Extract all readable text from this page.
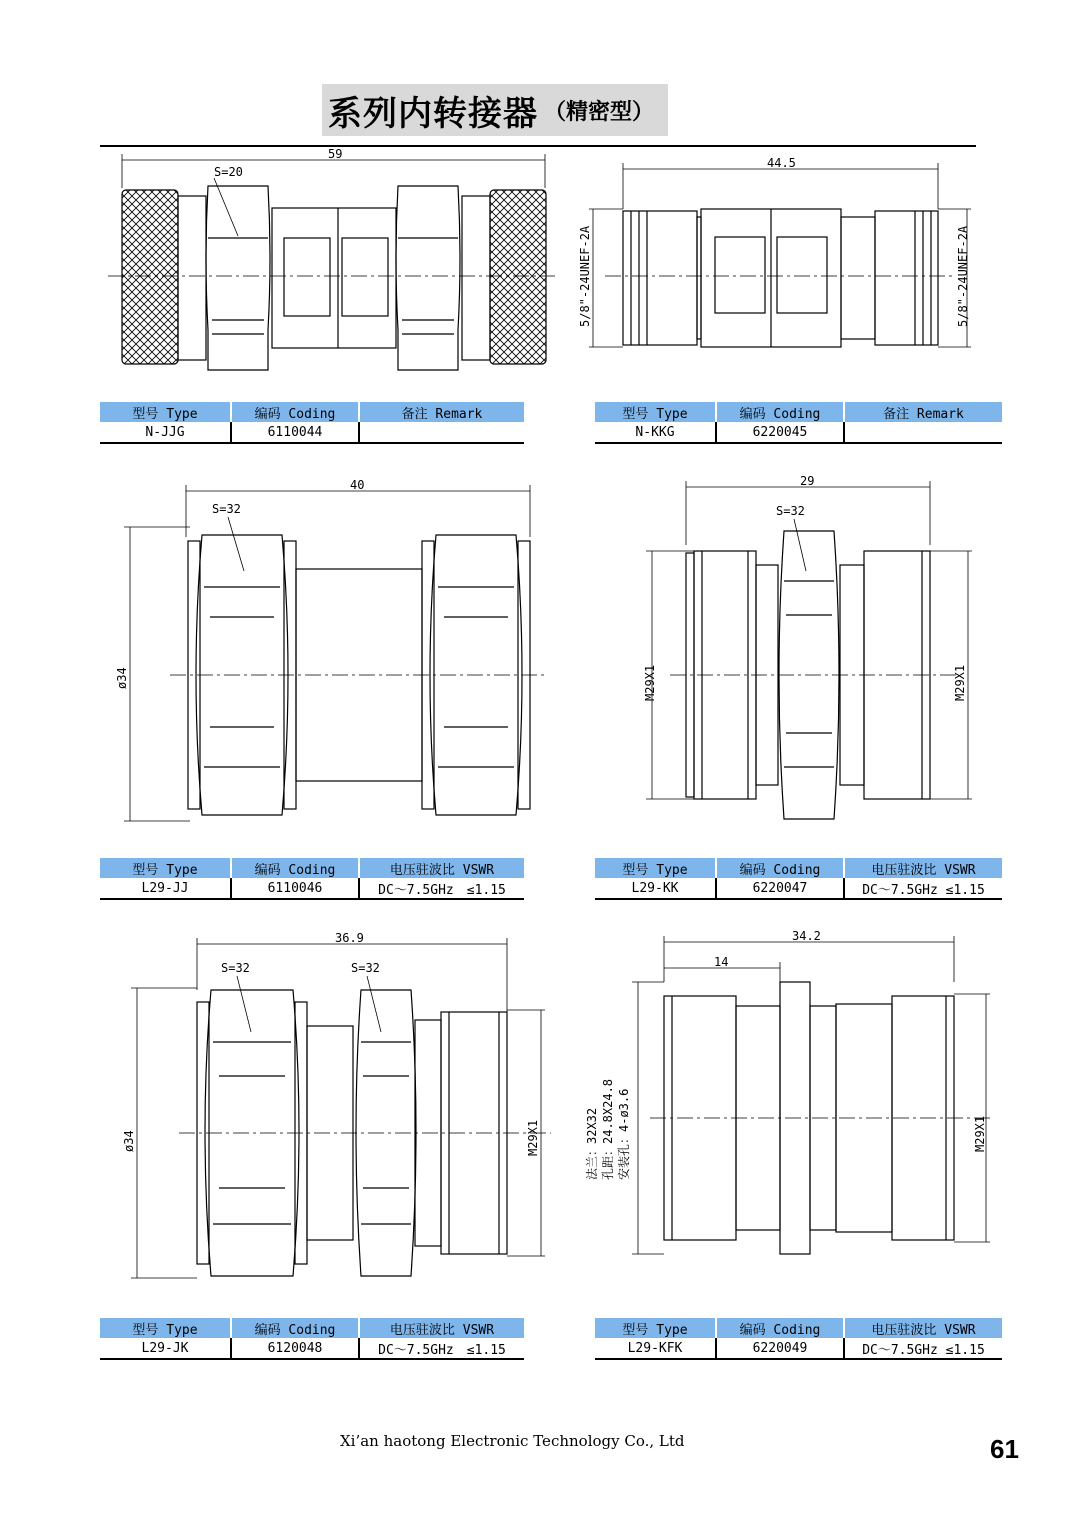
系列内转接器 （精密型）
59
S=20
44.5
5/8"-24UNEF-2A	5/8"-24UNEF-2A
型号 Type	编码 Coding	备注 Remark
N-JJG	6110044	
型号 Type	编码 Coding	备注 Remark
N-KKG	6220045	
40
S=32
ø34
29
S=32
M29X1	M29X1
型号 Type	编码 Coding	电压驻波比 VSWR
L29-JJ	6110046	DC～7.5GHz　≤1.15
型号 Type	编码 Coding	电压驻波比 VSWR
L29-KK	6220047	DC～7.5GHz ≤1.15
36.9
S=32	S=32
ø34	M29X1
34.2
14
法兰：32X32 孔距：24.8X24.8 安装孔：4-ø3.6	M29X1
型号 Type	编码 Coding	电压驻波比 VSWR
L29-JK	6120048	DC～7.5GHz　≤1.15
型号 Type	编码 Coding	电压驻波比 VSWR
L29-KFK	6220049	DC～7.5GHz ≤1.15
Xi’an haotong Electronic Technology Co., Ltd	61
